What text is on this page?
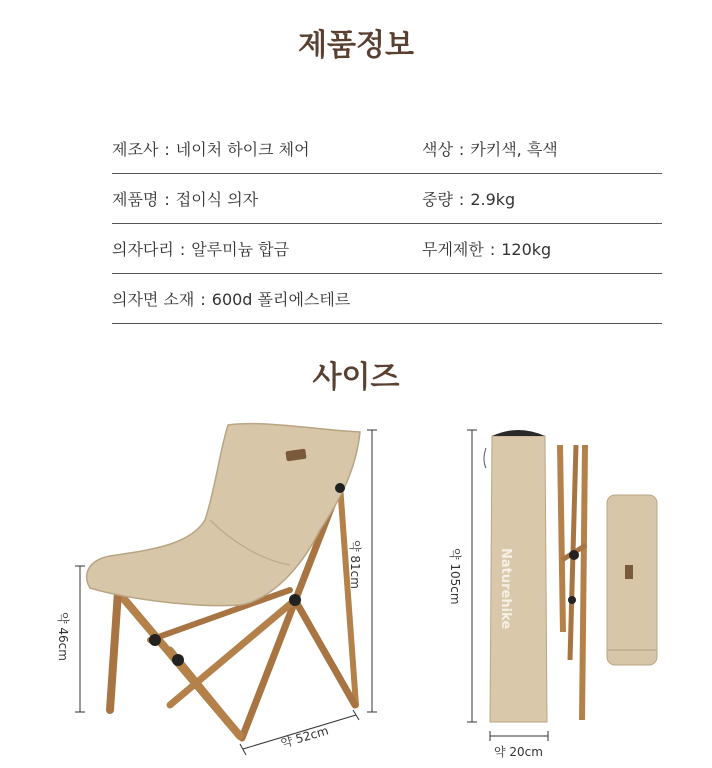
제품정보
제조사 : 네이처 하이크 체어	색상 : 카키색, 흑색
제품명 : 접이식 의자	중량 : 2.9kg
의자다리 : 알루미늄 합금	무게제한 : 120kg
의자면 소재 : 600d 폴리에스테르
사이즈
Naturehike
약 81cm
약 46cm
약 52cm
약 105cm
약 20cm
